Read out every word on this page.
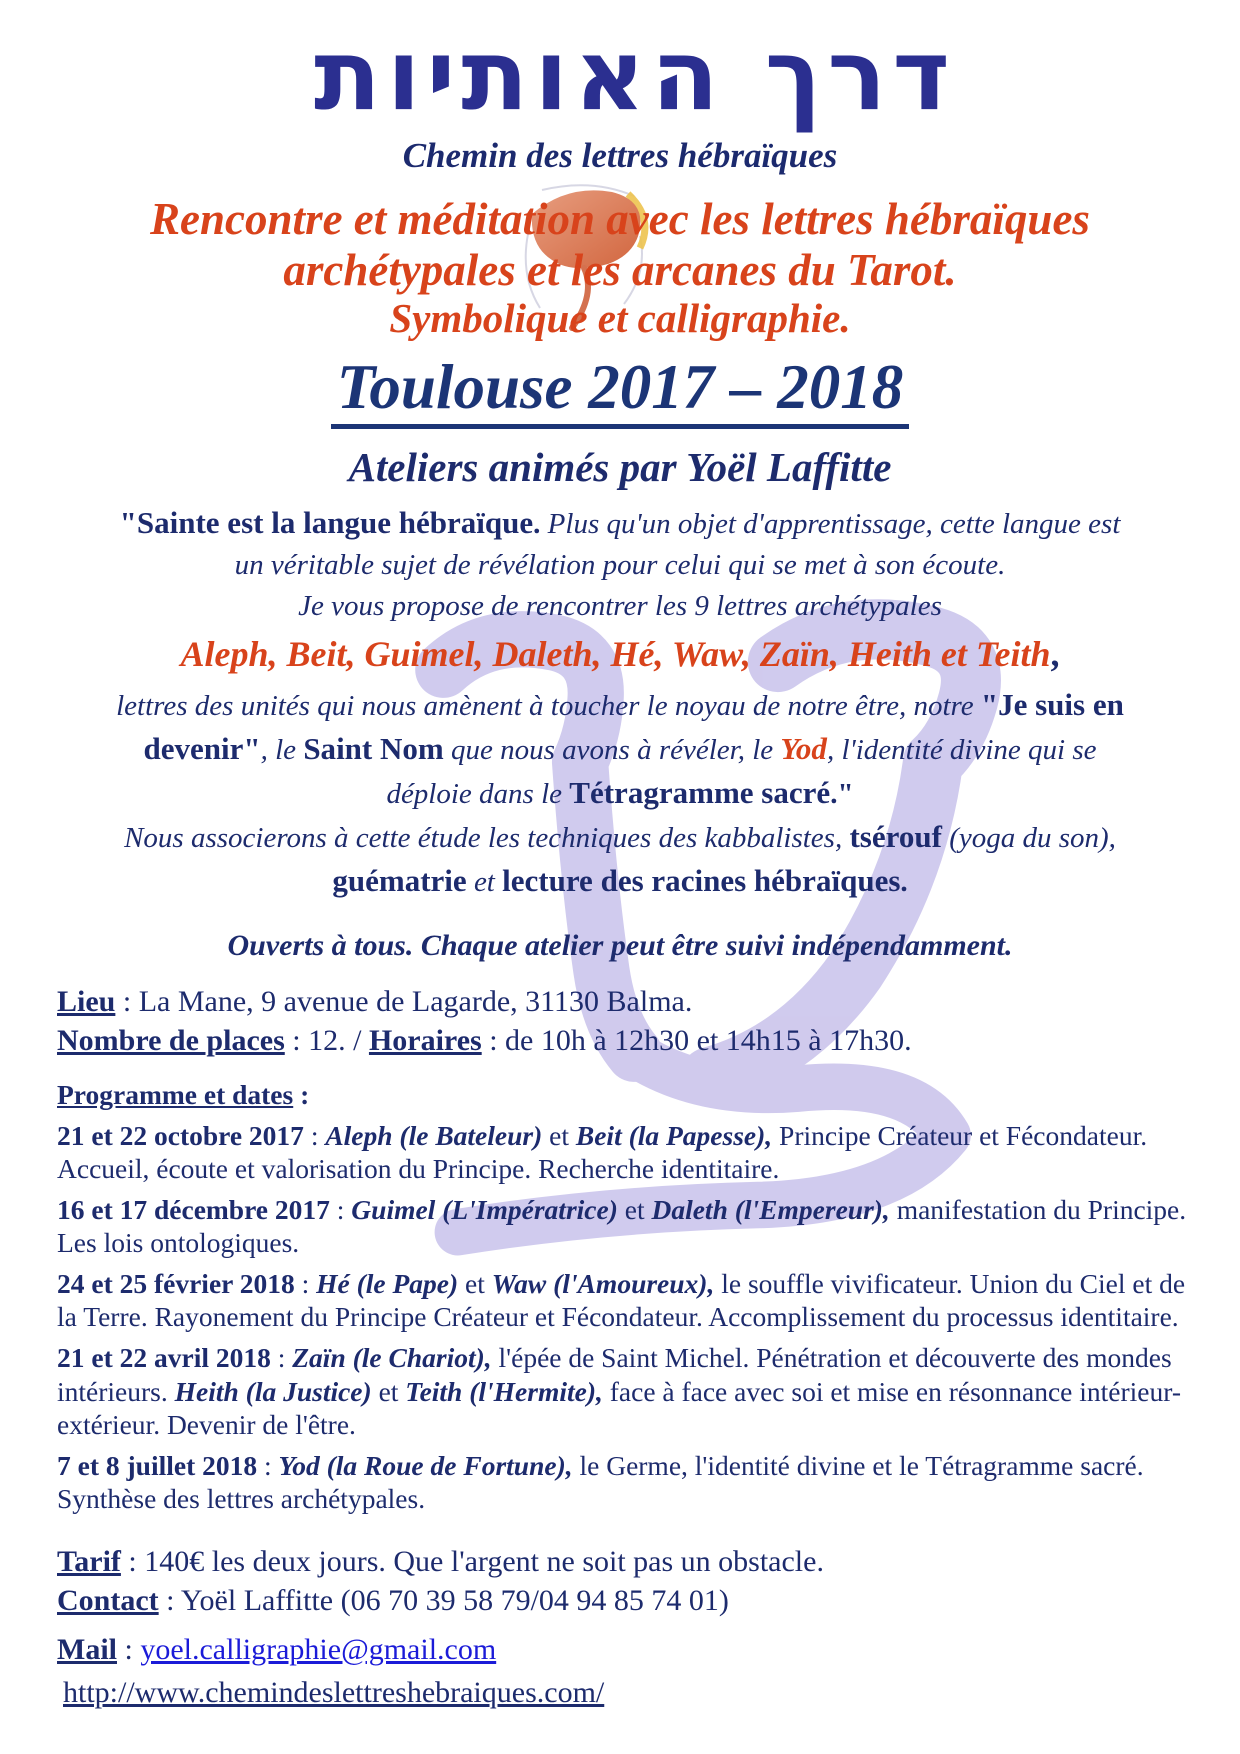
דרך האותיות
Chemin des lettres hébraïques
Rencontre et méditation avec les lettres hébraïques
archétypales et les arcanes du Tarot.
Symbolique et calligraphie.
Toulouse 2017 – 2018
Ateliers animés par Yoël Laffitte
"Sainte est la langue hébraïque. Plus qu'un objet d'apprentissage, cette langue est
un véritable sujet de révélation pour celui qui se met à son écoute.
Je vous propose de rencontrer les 9 lettres archétypales
Aleph, Beit, Guimel, Daleth, Hé, Waw, Zaïn, Heith et Teith,
lettres des unités qui nous amènent à toucher le noyau de notre être, notre "Je suis en
devenir", le Saint Nom que nous avons à révéler, le Yod, l'identité divine qui se
déploie dans le Tétragramme sacré."
Nous associerons à cette étude les techniques des kabbalistes, tsérouf (yoga du son),
guématrie et lecture des racines hébraïques.
Ouverts à tous. Chaque atelier peut être suivi indépendamment.
Lieu : La Mane, 9 avenue de Lagarde, 31130 Balma.
Nombre de places : 12. / Horaires : de 10h à 12h30 et 14h15 à 17h30.
Programme et dates :
21 et 22 octobre 2017 : Aleph (le Bateleur) et Beit (la Papesse), Principe Créateur et Fécondateur. Accueil, écoute et valorisation du Principe. Recherche identitaire.
16 et 17 décembre 2017 : Guimel (L'Impératrice) et Daleth (l'Empereur), manifestation du Principe. Les lois ontologiques.
24 et 25 février 2018 : Hé (le Pape) et Waw (l'Amoureux), le souffle vivificateur. Union du Ciel et de la Terre. Rayonement du Principe Créateur et Fécondateur. Accomplissement du processus identitaire.
21 et 22 avril 2018 : Zaïn (le Chariot), l'épée de Saint Michel. Pénétration et découverte des mondes intérieurs. Heith (la Justice) et Teith (l'Hermite), face à face avec soi et mise en résonnance intérieur-extérieur. Devenir de l'être.
7 et 8 juillet 2018 : Yod (la Roue de Fortune), le Germe, l'identité divine et le Tétragramme sacré. Synthèse des lettres archétypales.
Tarif : 140€ les deux jours. Que l'argent ne soit pas un obstacle.
Contact : Yoël Laffitte (06 70 39 58 79/04 94 85 74 01)
Mail : yoel.calligraphie@gmail.com
http://www.chemindeslettreshebraiques.com/
